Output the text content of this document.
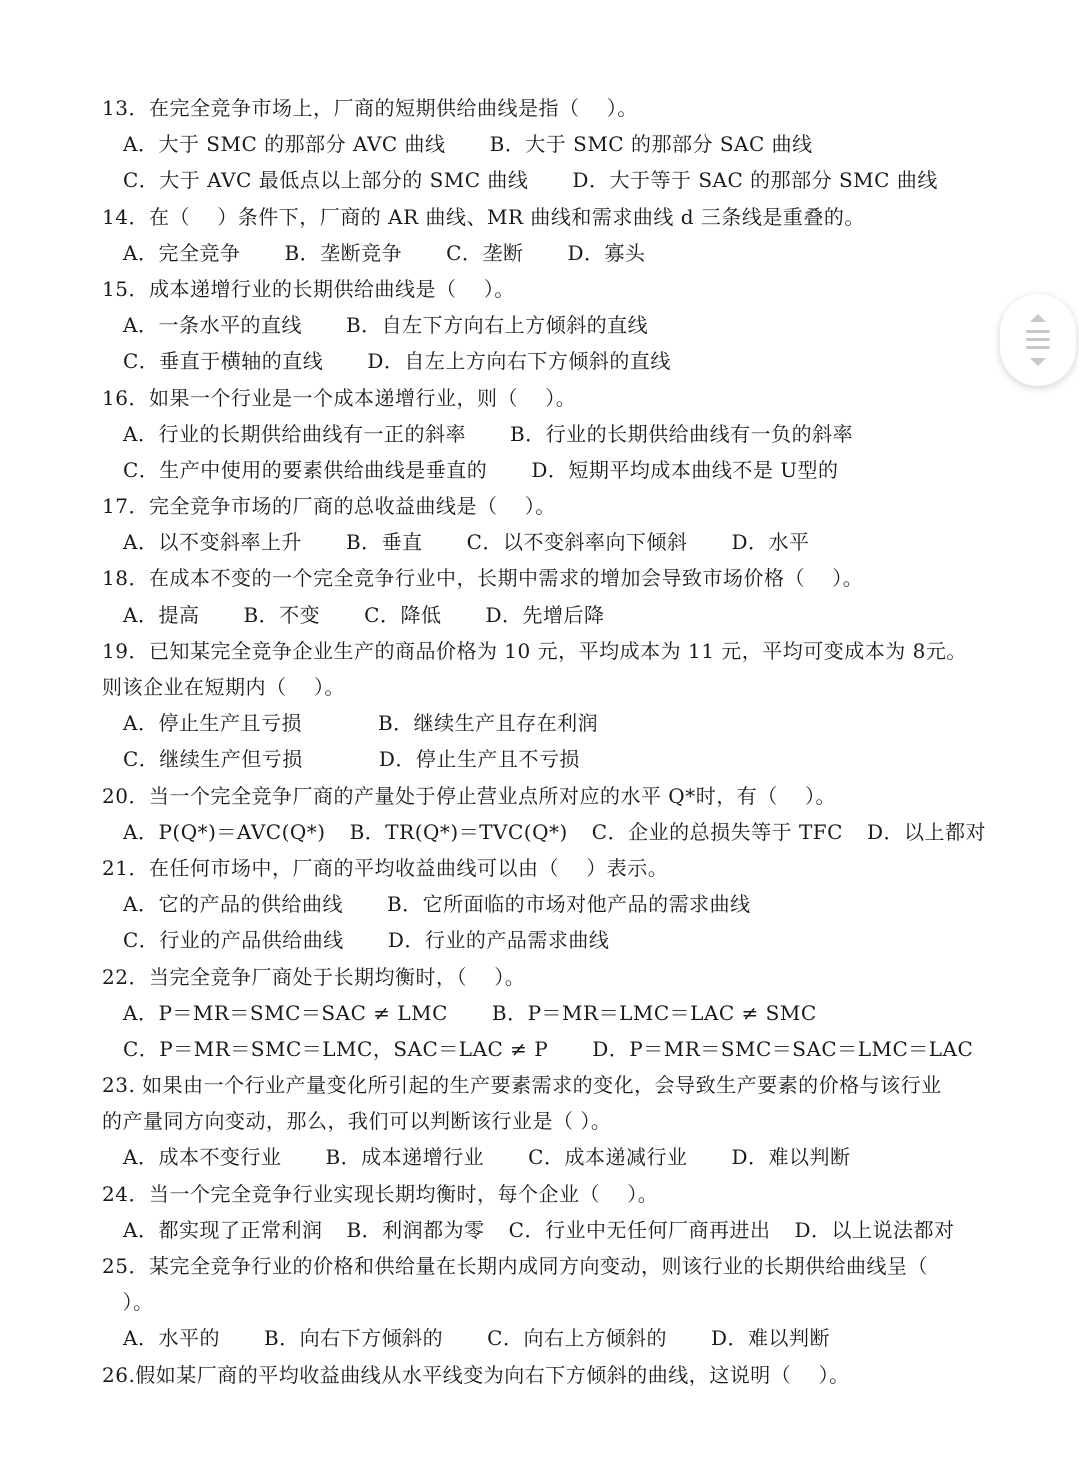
13．在完全竞争市场上，厂商的短期供给曲线是指（　 ）。
A．大于 SMC 的那部分 AVC 曲线 B．大于 SMC 的那部分 SAC 曲线
C．大于 AVC 最低点以上部分的 SMC 曲线 D．大于等于 SAC 的那部分 SMC 曲线
14．在（　 ）条件下，厂商的 AR 曲线、MR 曲线和需求曲线 d 三条线是重叠的。
A．完全竞争 B．垄断竞争 C．垄断 D．寡头
15．成本递增行业的长期供给曲线是（　 ）。
A．一条水平的直线 B．自左下方向右上方倾斜的直线
C．垂直于横轴的直线 D．自左上方向右下方倾斜的直线
16．如果一个行业是一个成本递增行业，则（　 ）。
A．行业的长期供给曲线有一正的斜率 B．行业的长期供给曲线有一负的斜率
C．生产中使用的要素供给曲线是垂直的 D．短期平均成本曲线不是 U型的
17．完全竞争市场的厂商的总收益曲线是（　 ）。
A．以不变斜率上升 B．垂直 C．以不变斜率向下倾斜 D．水平
18．在成本不变的一个完全竞争行业中，长期中需求的增加会导致市场价格（　 ）。
A．提高 B．不变 C．降低 D．先增后降
19．已知某完全竞争企业生产的商品价格为 10 元，平均成本为 11 元，平均可变成本为 8元。
则该企业在短期内（　 ）。
A．停止生产且亏损	B．继续生产且存在利润
C．继续生产但亏损	D．停止生产且不亏损
20．当一个完全竞争厂商的产量处于停止营业点所对应的水平 Q*时，有（　 ）。
A．P(Q*)＝AVC(Q*) B．TR(Q*)＝TVC(Q*) C．企业的总损失等于 TFC D．以上都对
21．在任何市场中，厂商的平均收益曲线可以由（　 ）表示。
A．它的产品的供给曲线 B．它所面临的市场对他产品的需求曲线
C．行业的产品供给曲线 D．行业的产品需求曲线
22．当完全竞争厂商处于长期均衡时，（　 ）。
A．P＝MR＝SMC＝SAC ≠ LMC B．P＝MR＝LMC＝LAC ≠ SMC
C．P＝MR＝SMC＝LMC，SAC＝LAC ≠ P D．P＝MR＝SMC＝SAC＝LMC＝LAC
23. 如果由一个行业产量变化所引起的生产要素需求的变化，会导致生产要素的价格与该行业
的产量同方向变动，那么，我们可以判断该行业是（ ）。
A．成本不变行业 B．成本递增行业 C．成本递减行业 D．难以判断
24．当一个完全竞争行业实现长期均衡时，每个企业（　 ）。
A．都实现了正常利润 B．利润都为零 C．行业中无任何厂商再进出 D．以上说法都对
25．某完全竞争行业的价格和供给量在长期内成同方向变动，则该行业的长期供给曲线呈（
　）。
A．水平的 B．向右下方倾斜的 C．向右上方倾斜的 D．难以判断
26.假如某厂商的平均收益曲线从水平线变为向右下方倾斜的曲线，这说明（　 ）。
